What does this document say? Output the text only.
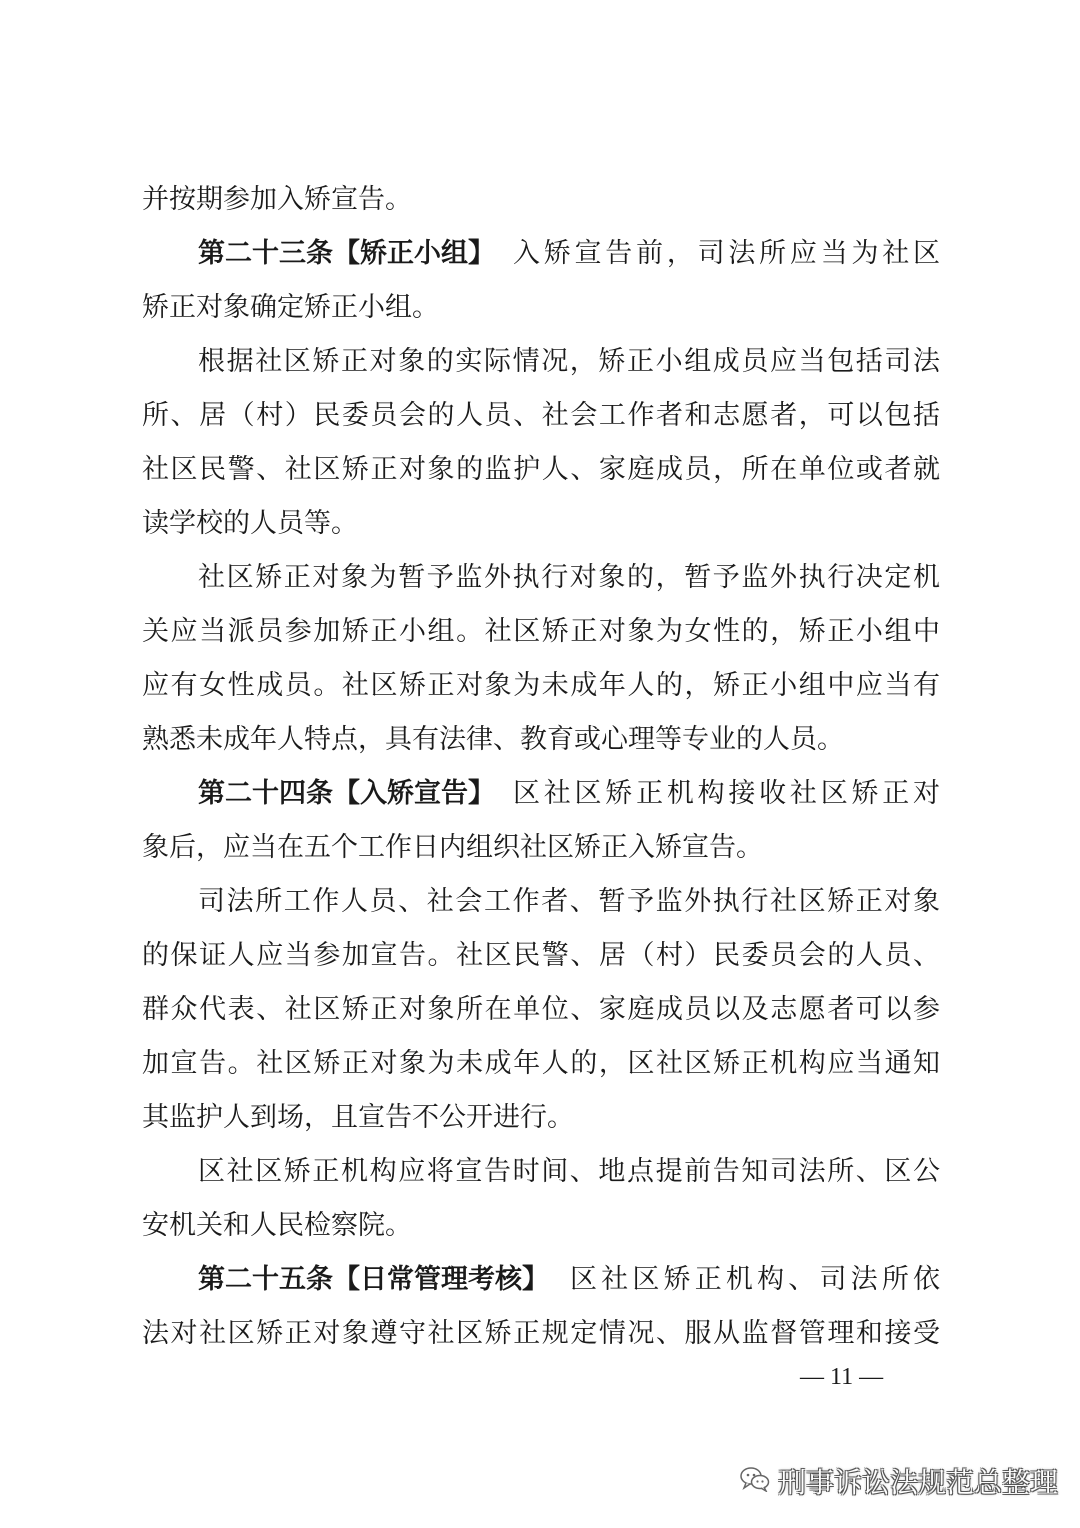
并按期参加入矫宣告。
第二十三条【矫正小组】 入矫宣告前，司法所应当为社区
矫正对象确定矫正小组。
根据社区矫正对象的实际情况，矫正小组成员应当包括司法
所、居（村）民委员会的人员、社会工作者和志愿者，可以包括
社区民警、社区矫正对象的监护人、家庭成员，所在单位或者就
读学校的人员等。
社区矫正对象为暂予监外执行对象的，暂予监外执行决定机
关应当派员参加矫正小组。社区矫正对象为女性的，矫正小组中
应有女性成员。社区矫正对象为未成年人的，矫正小组中应当有
熟悉未成年人特点，具有法律、教育或心理等专业的人员。
第二十四条【入矫宣告】 区社区矫正机构接收社区矫正对
象后，应当在五个工作日内组织社区矫正入矫宣告。
司法所工作人员、社会工作者、暂予监外执行社区矫正对象
的保证人应当参加宣告。社区民警、居（村）民委员会的人员、
群众代表、社区矫正对象所在单位、家庭成员以及志愿者可以参
加宣告。社区矫正对象为未成年人的，区社区矫正机构应当通知
其监护人到场，且宣告不公开进行。
区社区矫正机构应将宣告时间、地点提前告知司法所、区公
安机关和人民检察院。
第二十五条【日常管理考核】 区社区矫正机构、司法所依
法对社区矫正对象遵守社区矫正规定情况、服从监督管理和接受
— 11 —
刑事诉讼法规范总整理
